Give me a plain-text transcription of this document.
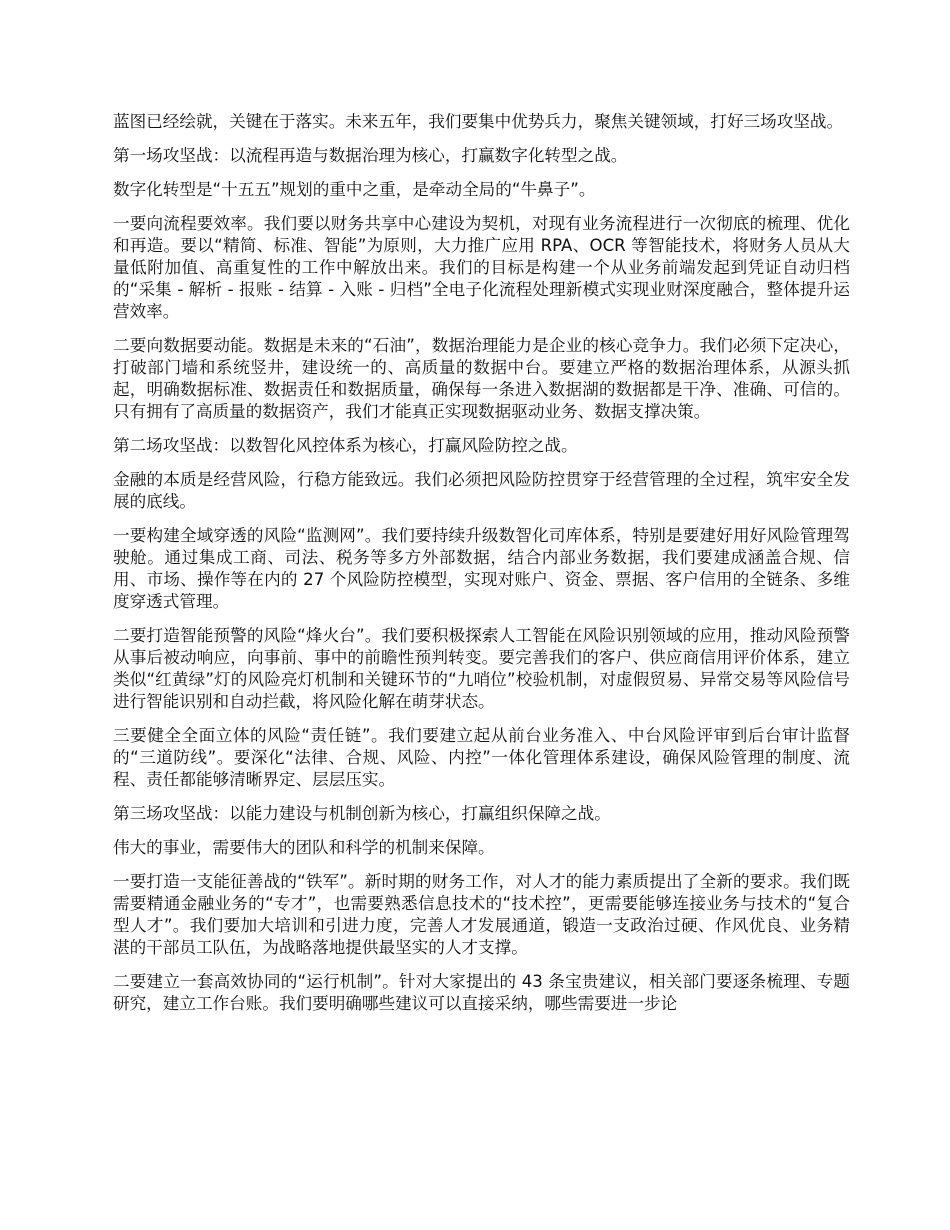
蓝图已经绘就，关键在于落实。未来五年，我们要集中优势兵力，聚焦关键领域，打好三场攻坚战。

第一场攻坚战：以流程再造与数据治理为核心，打赢数字化转型之战。

数字化转型是“十五五”规划的重中之重，是牵动全局的“牛鼻子”。

一要向流程要效率。我们要以财务共享中心建设为契机，对现有业务流程进行一次彻底的梳理、优化和再造。要以“精简、标准、智能”为原则，大力推广应用 RPA、OCR 等智能技术，将财务人员从大量低附加值、高重复性的工作中解放出来。我们的目标是构建一个从业务前端发起到凭证自动归档的“采集 - 解析 - 报账 - 结算 - 入账 - 归档”全电子化流程处理新模式实现业财深度融合，整体提升运营效率。

二要向数据要动能。数据是未来的“石油”，数据治理能力是企业的核心竞争力。我们必须下定决心，打破部门墙和系统竖井，建设统一的、高质量的数据中台。要建立严格的数据治理体系，从源头抓起，明确数据标准、数据责任和数据质量，确保每一条进入数据湖的数据都是干净、准确、可信的。只有拥有了高质量的数据资产，我们才能真正实现数据驱动业务、数据支撑决策。

第二场攻坚战：以数智化风控体系为核心，打赢风险防控之战。

金融的本质是经营风险，行稳方能致远。我们必须把风险防控贯穿于经营管理的全过程，筑牢安全发展的底线。

一要构建全域穿透的风险“监测网”。我们要持续升级数智化司库体系，特别是要建好用好风险管理驾驶舱。通过集成工商、司法、税务等多方外部数据，结合内部业务数据，我们要建成涵盖合规、信用、市场、操作等在内的 27 个风险防控模型，实现对账户、资金、票据、客户信用的全链条、多维度穿透式管理。

二要打造智能预警的风险“烽火台”。我们要积极探索人工智能在风险识别领域的应用，推动风险预警从事后被动响应，向事前、事中的前瞻性预判转变。要完善我们的客户、供应商信用评价体系，建立类似“红黄绿”灯的风险亮灯机制和关键环节的“九哨位”校验机制，对虚假贸易、异常交易等风险信号进行智能识别和自动拦截，将风险化解在萌芽状态。

三要健全全面立体的风险“责任链”。我们要建立起从前台业务准入、中台风险评审到后台审计监督的“三道防线”。要深化“法律、合规、风险、内控”一体化管理体系建设，确保风险管理的制度、流程、责任都能够清晰界定、层层压实。

第三场攻坚战：以能力建设与机制创新为核心，打赢组织保障之战。

伟大的事业，需要伟大的团队和科学的机制来保障。

一要打造一支能征善战的“铁军”。新时期的财务工作，对人才的能力素质提出了全新的要求。我们既需要精通金融业务的“专才”，也需要熟悉信息技术的“技术控”，更需要能够连接业务与技术的“复合型人才”。我们要加大培训和引进力度，完善人才发展通道，锻造一支政治过硬、作风优良、业务精湛的干部员工队伍，为战略落地提供最坚实的人才支撑。

二要建立一套高效协同的“运行机制”。针对大家提出的 43 条宝贵建议，相关部门要逐条梳理、专题研究，建立工作台账。我们要明确哪些建议可以直接采纳，哪些需要进一步论
